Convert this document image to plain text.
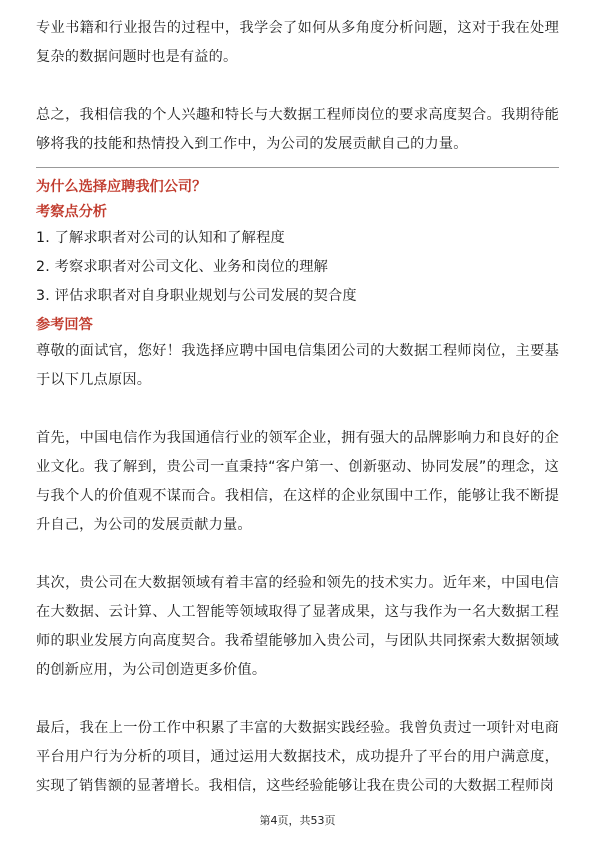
专业书籍和行业报告的过程中，我学会了如何从多角度分析问题，这对于我在处理复杂的数据问题时也是有益的。

总之，我相信我的个人兴趣和特长与大数据工程师岗位的要求高度契合。我期待能够将我的技能和热情投入到工作中，为公司的发展贡献自己的力量。

为什么选择应聘我们公司？

考察点分析

1. 了解求职者对公司的认知和了解程度

2. 考察求职者对公司文化、业务和岗位的理解

3. 评估求职者对自身职业规划与公司发展的契合度

参考回答

尊敬的面试官，您好！我选择应聘中国电信集团公司的大数据工程师岗位，主要基于以下几点原因。

首先，中国电信作为我国通信行业的领军企业，拥有强大的品牌影响力和良好的企业文化。我了解到，贵公司一直秉持“客户第一、创新驱动、协同发展”的理念，这与我个人的价值观不谋而合。我相信，在这样的企业氛围中工作，能够让我不断提升自己，为公司的发展贡献力量。

其次，贵公司在大数据领域有着丰富的经验和领先的技术实力。近年来，中国电信在大数据、云计算、人工智能等领域取得了显著成果，这与我作为一名大数据工程师的职业发展方向高度契合。我希望能够加入贵公司，与团队共同探索大数据领域的创新应用，为公司创造更多价值。

最后，我在上一份工作中积累了丰富的大数据实践经验。我曾负责过一项针对电商平台用户行为分析的项目，通过运用大数据技术，成功提升了平台的用户满意度，实现了销售额的显著增长。我相信，这些经验能够让我在贵公司的大数据工程师岗

第4页，共53页
